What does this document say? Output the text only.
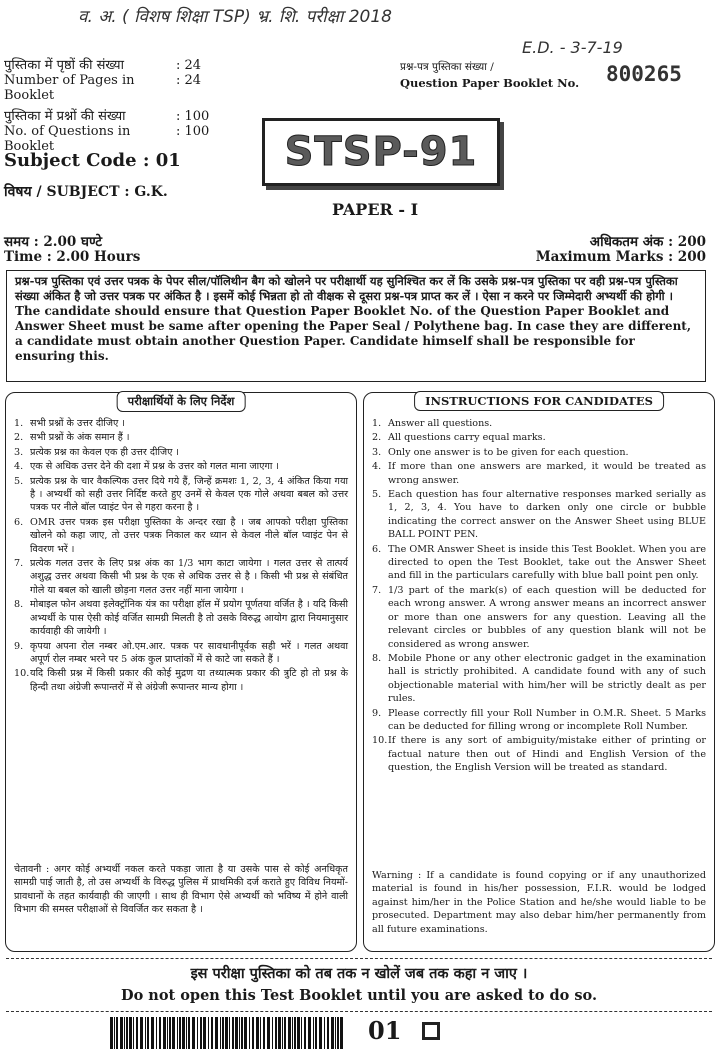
व. अ. ( विशष शिक्षा TSP) भ्र. शि. परीक्षा 2018
E.D. - 3-7-19
पुस्तिका में पृष्ठों की संख्या	: 24
Number of Pages in Booklet
: 24
पुस्तिका में प्रश्नों की संख्या	: 100
No. of Questions in Booklet
: 100
प्रश्न-पत्र पुस्तिका संख्या /
Question Paper Booklet No.	800265
Subject Code : 01
विषय / SUBJECT : G.K.
STSP-91
PAPER - I
समय : 2.00 घण्टे
Time : 2.00 Hours
अधिकतम अंक : 200
Maximum Marks : 200
प्रश्न-पत्र पुस्तिका एवं उत्तर पत्रक के पेपर सील/पॉलिथीन बैग को खोलने पर परीक्षार्थी यह सुनिश्चित कर लें कि उसके प्रश्न-पत्र पुस्तिका पर वही प्रश्न-पत्र पुस्तिका संख्या अंकित है जो उत्तर पत्रक पर अंकित है । इसमें कोई भिन्नता हो तो वीक्षक से दूसरा प्रश्न-पत्र प्राप्त कर लें । ऐसा न करने पर जिम्मेदारी अभ्यर्थी की होगी ।
The candidate should ensure that Question Paper Booklet No. of the Question Paper Booklet and Answer Sheet must be same after opening the Paper Seal / Polythene bag. In case they are different, a candidate must obtain another Question Paper. Candidate himself shall be responsible for ensuring this.
परीक्षार्थियों के लिए निर्देश
1. सभी प्रश्नों के उत्तर दीजिए ।
2. सभी प्रश्नों के अंक समान हैं ।
3. प्रत्येक प्रश्न का केवल एक ही उत्तर दीजिए ।
4. एक से अधिक उत्तर देने की दशा में प्रश्न के उत्तर को गलत माना जाएगा ।
5. प्रत्येक प्रश्न के चार वैकल्पिक उत्तर दिये गये हैं, जिन्हें क्रमशः 1, 2, 3, 4 अंकित किया गया है । अभ्यर्थी को सही उत्तर निर्दिष्ट करते हुए उनमें से केवल एक गोले अथवा बबल को उत्तर पत्रक पर नीले बॉल प्वाइंट पेन से गहरा करना है ।
6. OMR उत्तर पत्रक इस परीक्षा पुस्तिका के अन्दर रखा है । जब आपको परीक्षा पुस्तिका खोलने को कहा जाए, तो उत्तर पत्रक निकाल कर ध्यान से केवल नीले बॉल प्वाइंट पेन से विवरण भरें ।
7. प्रत्येक गलत उत्तर के लिए प्रश्न अंक का 1/3 भाग काटा जायेगा । गलत उत्तर से तात्पर्य अशुद्ध उत्तर अथवा किसी भी प्रश्न के एक से अधिक उत्तर से है । किसी भी प्रश्न से संबंधित गोले या बबल को खाली छोड़ना गलत उत्तर नहीं माना जायेगा ।
8. मोबाइल फोन अथवा इलेक्ट्रॉनिक यंत्र का परीक्षा हॉल में प्रयोग पूर्णतया वर्जित है । यदि किसी अभ्यर्थी के पास ऐसी कोई वर्जित सामग्री मिलती है तो उसके विरुद्ध आयोग द्वारा नियमानुसार कार्यवाही की जायेगी ।
9. कृपया अपना रोल नम्बर ओ.एम.आर. पत्रक पर सावधानीपूर्वक सही भरें । गलत अथवा अपूर्ण रोल नम्बर भरने पर 5 अंक कुल प्राप्तांकों में से काटे जा सकते हैं ।
10. यदि किसी प्रश्न में किसी प्रकार की कोई मुद्रण या तथ्यात्मक प्रकार की त्रुटि हो तो प्रश्न के हिन्दी तथा अंग्रेजी रूपान्तरों में से अंग्रेजी रूपान्तर मान्य होगा ।
चेतावनी : अगर कोई अभ्यर्थी नकल करते पकड़ा जाता है या उसके पास से कोई अनधिकृत सामग्री पाई जाती है, तो उस अभ्यर्थी के विरुद्ध पुलिस में प्राथमिकी दर्ज कराते हुए विविध नियमों-प्रावधानों के तहत कार्यवाही की जाएगी । साथ ही विभाग ऐसे अभ्यर्थी को भविष्य में होने वाली विभाग की समस्त परीक्षाओं से विवर्जित कर सकता है ।
INSTRUCTIONS FOR CANDIDATES
1. Answer all questions.
2. All questions carry equal marks.
3. Only one answer is to be given for each question.
4. If more than one answers are marked, it would be treated as wrong answer.
5. Each question has four alternative responses marked serially as 1, 2, 3, 4. You have to darken only one circle or bubble indicating the correct answer on the Answer Sheet using BLUE BALL POINT PEN.
6. The OMR Answer Sheet is inside this Test Booklet. When you are directed to open the Test Booklet, take out the Answer Sheet and fill in the particulars carefully with blue ball point pen only.
7. 1/3 part of the mark(s) of each question will be deducted for each wrong answer. A wrong answer means an incorrect answer or more than one answers for any question. Leaving all the relevant circles or bubbles of any question blank will not be considered as wrong answer.
8. Mobile Phone or any other electronic gadget in the examination hall is strictly prohibited. A candidate found with any of such objectionable material with him/her will be strictly dealt as per rules.
9. Please correctly fill your Roll Number in O.M.R. Sheet. 5 Marks can be deducted for filling wrong or incomplete Roll Number.
10. If there is any sort of ambiguity/mistake either of printing or factual nature then out of Hindi and English Version of the question, the English Version will be treated as standard.
Warning : If a candidate is found copying or if any unauthorized material is found in his/her possession, F.I.R. would be lodged against him/her in the Police Station and he/she would liable to be prosecuted. Department may also debar him/her permanently from all future examinations.
इस परीक्षा पुस्तिका को तब तक न खोलें जब तक कहा न जाए ।
Do not open this Test Booklet until you are asked to do so.
01
